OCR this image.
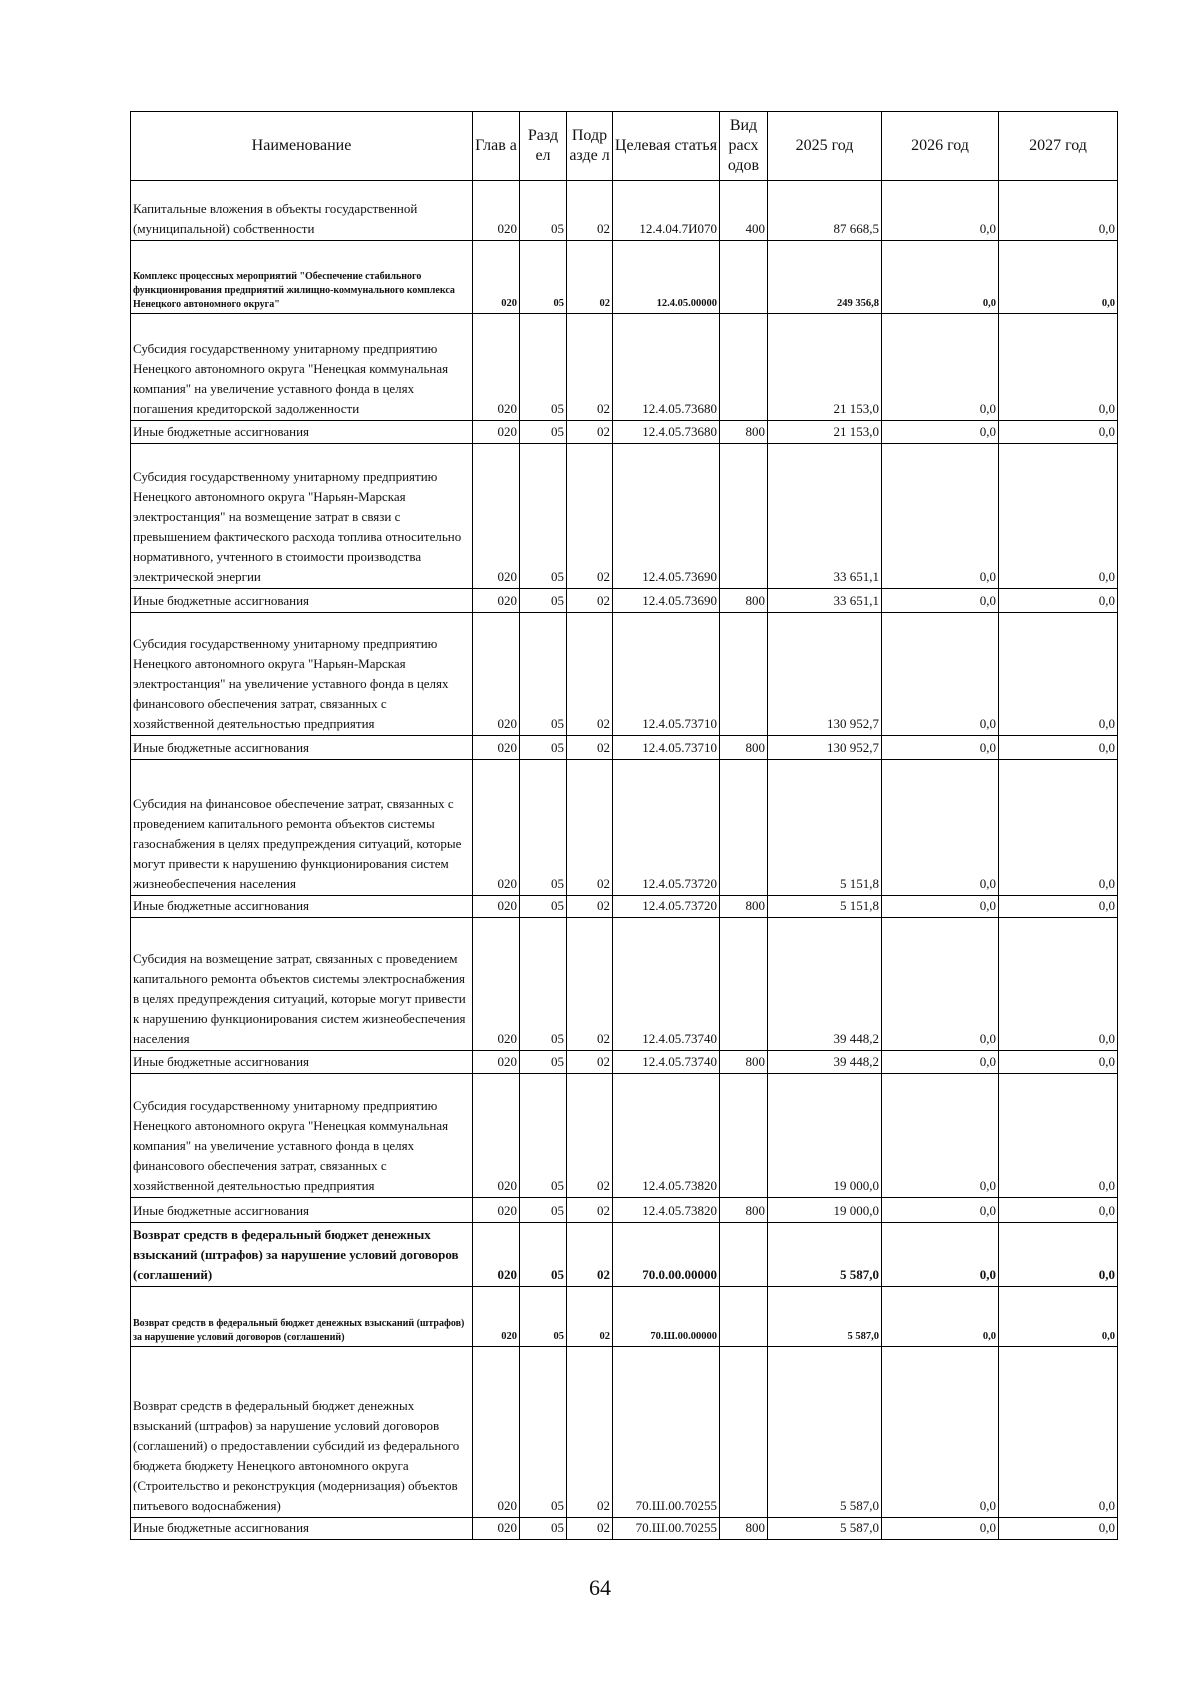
Наименование	Глав а	Разд ел	Подр азде л	Целевая статья	Вид расх одов	2025 год	2026 год	2027 год
Капитальные вложения в объекты государственной (муниципальной) собственности	020	05	02	12.4.04.7И070	400	87 668,5	0,0	0,0
Комплекс процессных мероприятий "Обеспечение стабильного функционирования предприятий жилищно-коммунального комплекса Ненецкого автономного округа"	020	05	02	12.4.05.00000		249 356,8	0,0	0,0
Субсидия государственному унитарному предприятию Ненецкого автономного округа "Ненецкая коммунальная компания" на увеличение уставного фонда в целях погашения кредиторской задолженности	020	05	02	12.4.05.73680		21 153,0	0,0	0,0
Иные бюджетные ассигнования	020	05	02	12.4.05.73680	800	21 153,0	0,0	0,0
Субсидия государственному унитарному предприятию Ненецкого автономного округа "Нарьян-Марская электростанция" на возмещение затрат в связи с превышением фактического расхода топлива относительно нормативного, учтенного в стоимости производства электрической энергии	020	05	02	12.4.05.73690		33 651,1	0,0	0,0
Иные бюджетные ассигнования	020	05	02	12.4.05.73690	800	33 651,1	0,0	0,0
Субсидия государственному унитарному предприятию Ненецкого автономного округа "Нарьян-Марская электростанция" на увеличение уставного фонда в целях финансового обеспечения затрат, связанных с хозяйственной деятельностью предприятия	020	05	02	12.4.05.73710		130 952,7	0,0	0,0
Иные бюджетные ассигнования	020	05	02	12.4.05.73710	800	130 952,7	0,0	0,0
Субсидия на финансовое обеспечение затрат, связанных с проведением капитального ремонта объектов системы газоснабжения в целях предупреждения ситуаций, которые могут привести к нарушению функционирования систем жизнеобеспечения населения	020	05	02	12.4.05.73720		5 151,8	0,0	0,0
Иные бюджетные ассигнования	020	05	02	12.4.05.73720	800	5 151,8	0,0	0,0
Субсидия на возмещение затрат, связанных с проведением капитального ремонта объектов системы электроснабжения в целях предупреждения ситуаций, которые могут привести к нарушению функционирования систем жизнеобеспечения населения	020	05	02	12.4.05.73740		39 448,2	0,0	0,0
Иные бюджетные ассигнования	020	05	02	12.4.05.73740	800	39 448,2	0,0	0,0
Субсидия государственному унитарному предприятию Ненецкого автономного округа "Ненецкая коммунальная компания" на увеличение уставного фонда в целях финансового обеспечения затрат, связанных с хозяйственной деятельностью предприятия	020	05	02	12.4.05.73820		19 000,0	0,0	0,0
Иные бюджетные ассигнования	020	05	02	12.4.05.73820	800	19 000,0	0,0	0,0
Возврат средств в федеральный бюджет денежных взысканий (штрафов) за нарушение условий договоров (соглашений)	020	05	02	70.0.00.00000		5 587,0	0,0	0,0
Возврат средств в федеральный бюджет денежных взысканий (штрафов) за нарушение условий договоров (соглашений)	020	05	02	70.Ш.00.00000		5 587,0	0,0	0,0
Возврат средств в федеральный бюджет денежных взысканий (штрафов) за нарушение условий договоров (соглашений) о предоставлении субсидий из федерального бюджета бюджету Ненецкого автономного округа (Строительство и реконструкция (модернизация) объектов питьевого водоснабжения)	020	05	02	70.Ш.00.70255		5 587,0	0,0	0,0
Иные бюджетные ассигнования	020	05	02	70.Ш.00.70255	800	5 587,0	0,0	0,0
64
